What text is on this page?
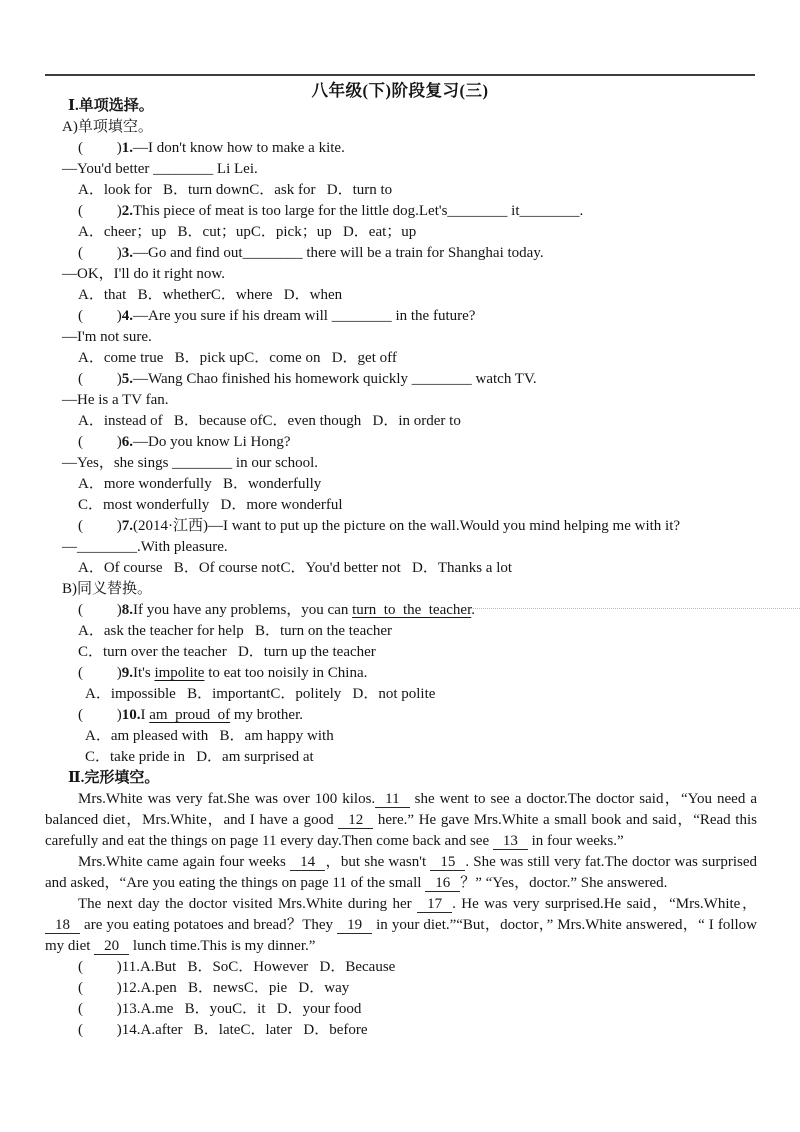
八年级(下)阶段复习(三)
Ⅰ.单项选择。
A)单项填空。
(         )1.—I don't know how to make a kite.
—You'd better ________ Li Lei.
A．look for   B．turn downC．ask for   D．turn to
(         )2.This piece of meat is too large for the little dog.Let's________ it________.
A．cheer；up   B．cut；upC．pick；up   D．eat；up
(         )3.—Go and find out________ there will be a train for Shanghai today.
—OK，I'll do it right now.
A．that   B．whetherC．where   D．when
(         )4.—Are you sure if his dream will ________ in the future?
—I'm not sure.
A．come true   B．pick upC．come on   D．get off
(         )5.—Wang Chao finished his homework quickly ________ watch TV.
—He is a TV fan.
A．instead of   B．because ofC．even though   D．in order to
(         )6.—Do you know Li Hong?
—Yes，she sings ________ in our school.
A．more wonderfully   B．wonderfully
C．most wonderfully   D．more wonderful
(         )7.(2014·江西)—I want to put up the picture on the wall.Would you mind helping me with it?
—________.With pleasure.
A．Of course   B．Of course notC．You'd better not   D．Thanks a lot
B)同义替换。
(         )8.If you have any problems，you can turn  to  the  teacher.
A．ask the teacher for help   B．turn on the teacher
C．turn over the teacher   D．turn up the teacher
(         )9.It's impolite to eat too noisily in China.
A．impossible   B．importantC．politely   D．not polite
(         )10.I am  proud  of my brother.
A．am pleased with   B．am happy with
C．take pride in   D．am surprised at
Ⅱ.完形填空。
Mrs.White was very fat.She was over 100 kilos. 11 she went to see a doctor.The doctor said，“You need a balanced diet，Mrs.White，and I have a good 12 here.” He gave Mrs.White a small book and said，“Read this carefully and eat the things on page 11 every day.Then come back and see 13 in four weeks.”
Mrs.White came again four weeks 14 ，but she wasn't 15 . She was still very fat.The doctor was surprised and asked，“Are you eating the things on page 11 of the small 16 ？” “Yes，doctor.” She answered.
The next day the doctor visited Mrs.White during her 17 . He was very surprised.He said，“Mrs.White，18 are you eating potatoes and bread？They 19 in your diet.”“But，doctor，” Mrs.White answered，“ I follow my diet 20 lunch time.This is my dinner.”
(         )11.A.But   B．SoC．However   D．Because
(         )12.A.pen   B．newsC．pie   D．way
(         )13.A.me   B．youC．it   D．your food
(         )14.A.after   B．lateC．later   D．before
